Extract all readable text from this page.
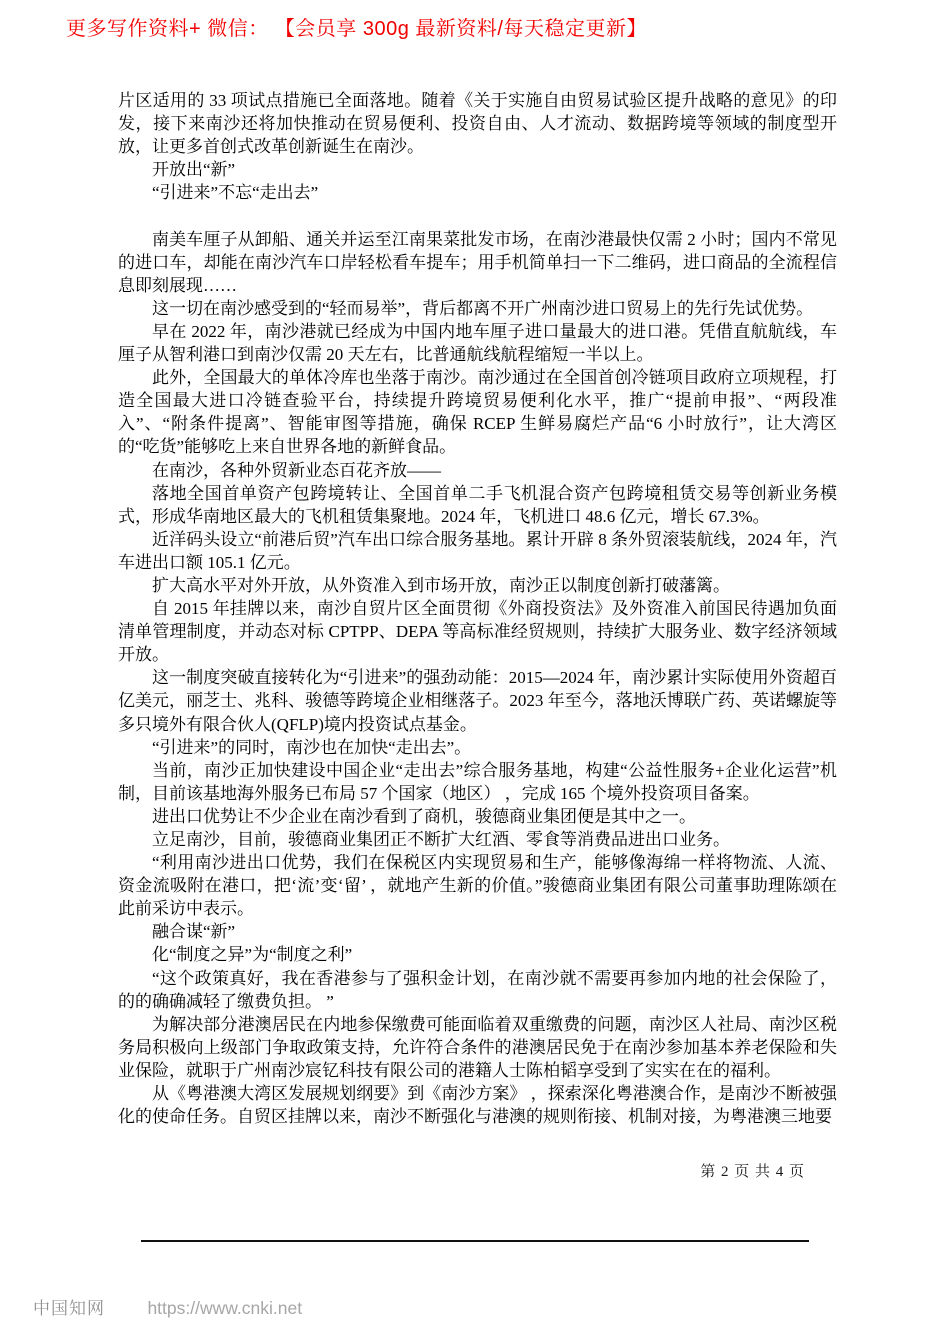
更多写作资料+ 微信： 【会员享 300g 最新资料/每天稳定更新】

片区适用的 33 项试点措施已全面落地。随着《关于实施自由贸易试验区提升战略的意见》的印发，接下来南沙还将加快推动在贸易便利、投资自由、人才流动、数据跨境等领域的制度型开放，让更多首创式改革创新诞生在南沙。

开放出“新”

“引进来”不忘“走出去”

南美车厘子从卸船、通关并运至江南果菜批发市场，在南沙港最快仅需 2 小时；国内不常见的进口车，却能在南沙汽车口岸轻松看车提车；用手机简单扫一下二维码，进口商品的全流程信息即刻展现……

这一切在南沙感受到的“轻而易举”，背后都离不开广州南沙进口贸易上的先行先试优势。

早在 2022 年，南沙港就已经成为中国内地车厘子进口量最大的进口港。凭借直航航线，车厘子从智利港口到南沙仅需 20 天左右，比普通航线航程缩短一半以上。

此外，全国最大的单体冷库也坐落于南沙。南沙通过在全国首创冷链项目政府立项规程，打造全国最大进口冷链查验平台，持续提升跨境贸易便利化水平，推广“提前申报”、“两段准入”、“附条件提离”、智能审图等措施，确保 RCEP 生鲜易腐烂产品“6 小时放行”，让大湾区的“吃货”能够吃上来自世界各地的新鲜食品。

在南沙，各种外贸新业态百花齐放——

落地全国首单资产包跨境转让、全国首单二手飞机混合资产包跨境租赁交易等创新业务模式，形成华南地区最大的飞机租赁集聚地。2024 年，飞机进口 48.6 亿元，增长 67.3%。

近洋码头设立“前港后贸”汽车出口综合服务基地。累计开辟 8 条外贸滚装航线，2024 年，汽车进出口额 105.1 亿元。

扩大高水平对外开放，从外资准入到市场开放，南沙正以制度创新打破藩篱。

自 2015 年挂牌以来，南沙自贸片区全面贯彻《外商投资法》及外资准入前国民待遇加负面清单管理制度，并动态对标 CPTPP、DEPA 等高标准经贸规则，持续扩大服务业、数字经济领域开放。

这一制度突破直接转化为“引进来”的强劲动能：2015—2024 年，南沙累计实际使用外资超百亿美元，丽芝士、兆科、骏德等跨境企业相继落子。2023 年至今，落地沃博联广药、英诺螺旋等多只境外有限合伙人(QFLP)境内投资试点基金。

“引进来”的同时，南沙也在加快“走出去”。

当前，南沙正加快建设中国企业“走出去”综合服务基地，构建“公益性服务+企业化运营”机制，目前该基地海外服务已布局 57 个国家（地区） ，完成 165 个境外投资项目备案。

进出口优势让不少企业在南沙看到了商机，骏德商业集团便是其中之一。

立足南沙，目前，骏德商业集团正不断扩大红酒、零食等消费品进出口业务。

“利用南沙进出口优势，我们在保税区内实现贸易和生产，能够像海绵一样将物流、人流、资金流吸附在港口，把‘流’变‘留’ ，就地产生新的价值。”骏德商业集团有限公司董事助理陈颂在此前采访中表示。

融合谋“新”

化“制度之异”为“制度之利”

“这个政策真好，我在香港参与了强积金计划，在南沙就不需要再参加内地的社会保险了，的的确确减轻了缴费负担。 ”

为解决部分港澳居民在内地参保缴费可能面临着双重缴费的问题，南沙区人社局、南沙区税务局积极向上级部门争取政策支持，允许符合条件的港澳居民免于在南沙参加基本养老保险和失业保险，就职于广州南沙宸钇科技有限公司的港籍人士陈柏韬享受到了实实在在的福利。

从《粤港澳大湾区发展规划纲要》到《南沙方案》 ，探索深化粤港澳合作，是南沙不断被强化的使命任务。自贸区挂牌以来，南沙不断强化与港澳的规则衔接、机制对接，为粤港澳三地要

第 2 页 共 4 页
中国知网 https://www.cnki.net
